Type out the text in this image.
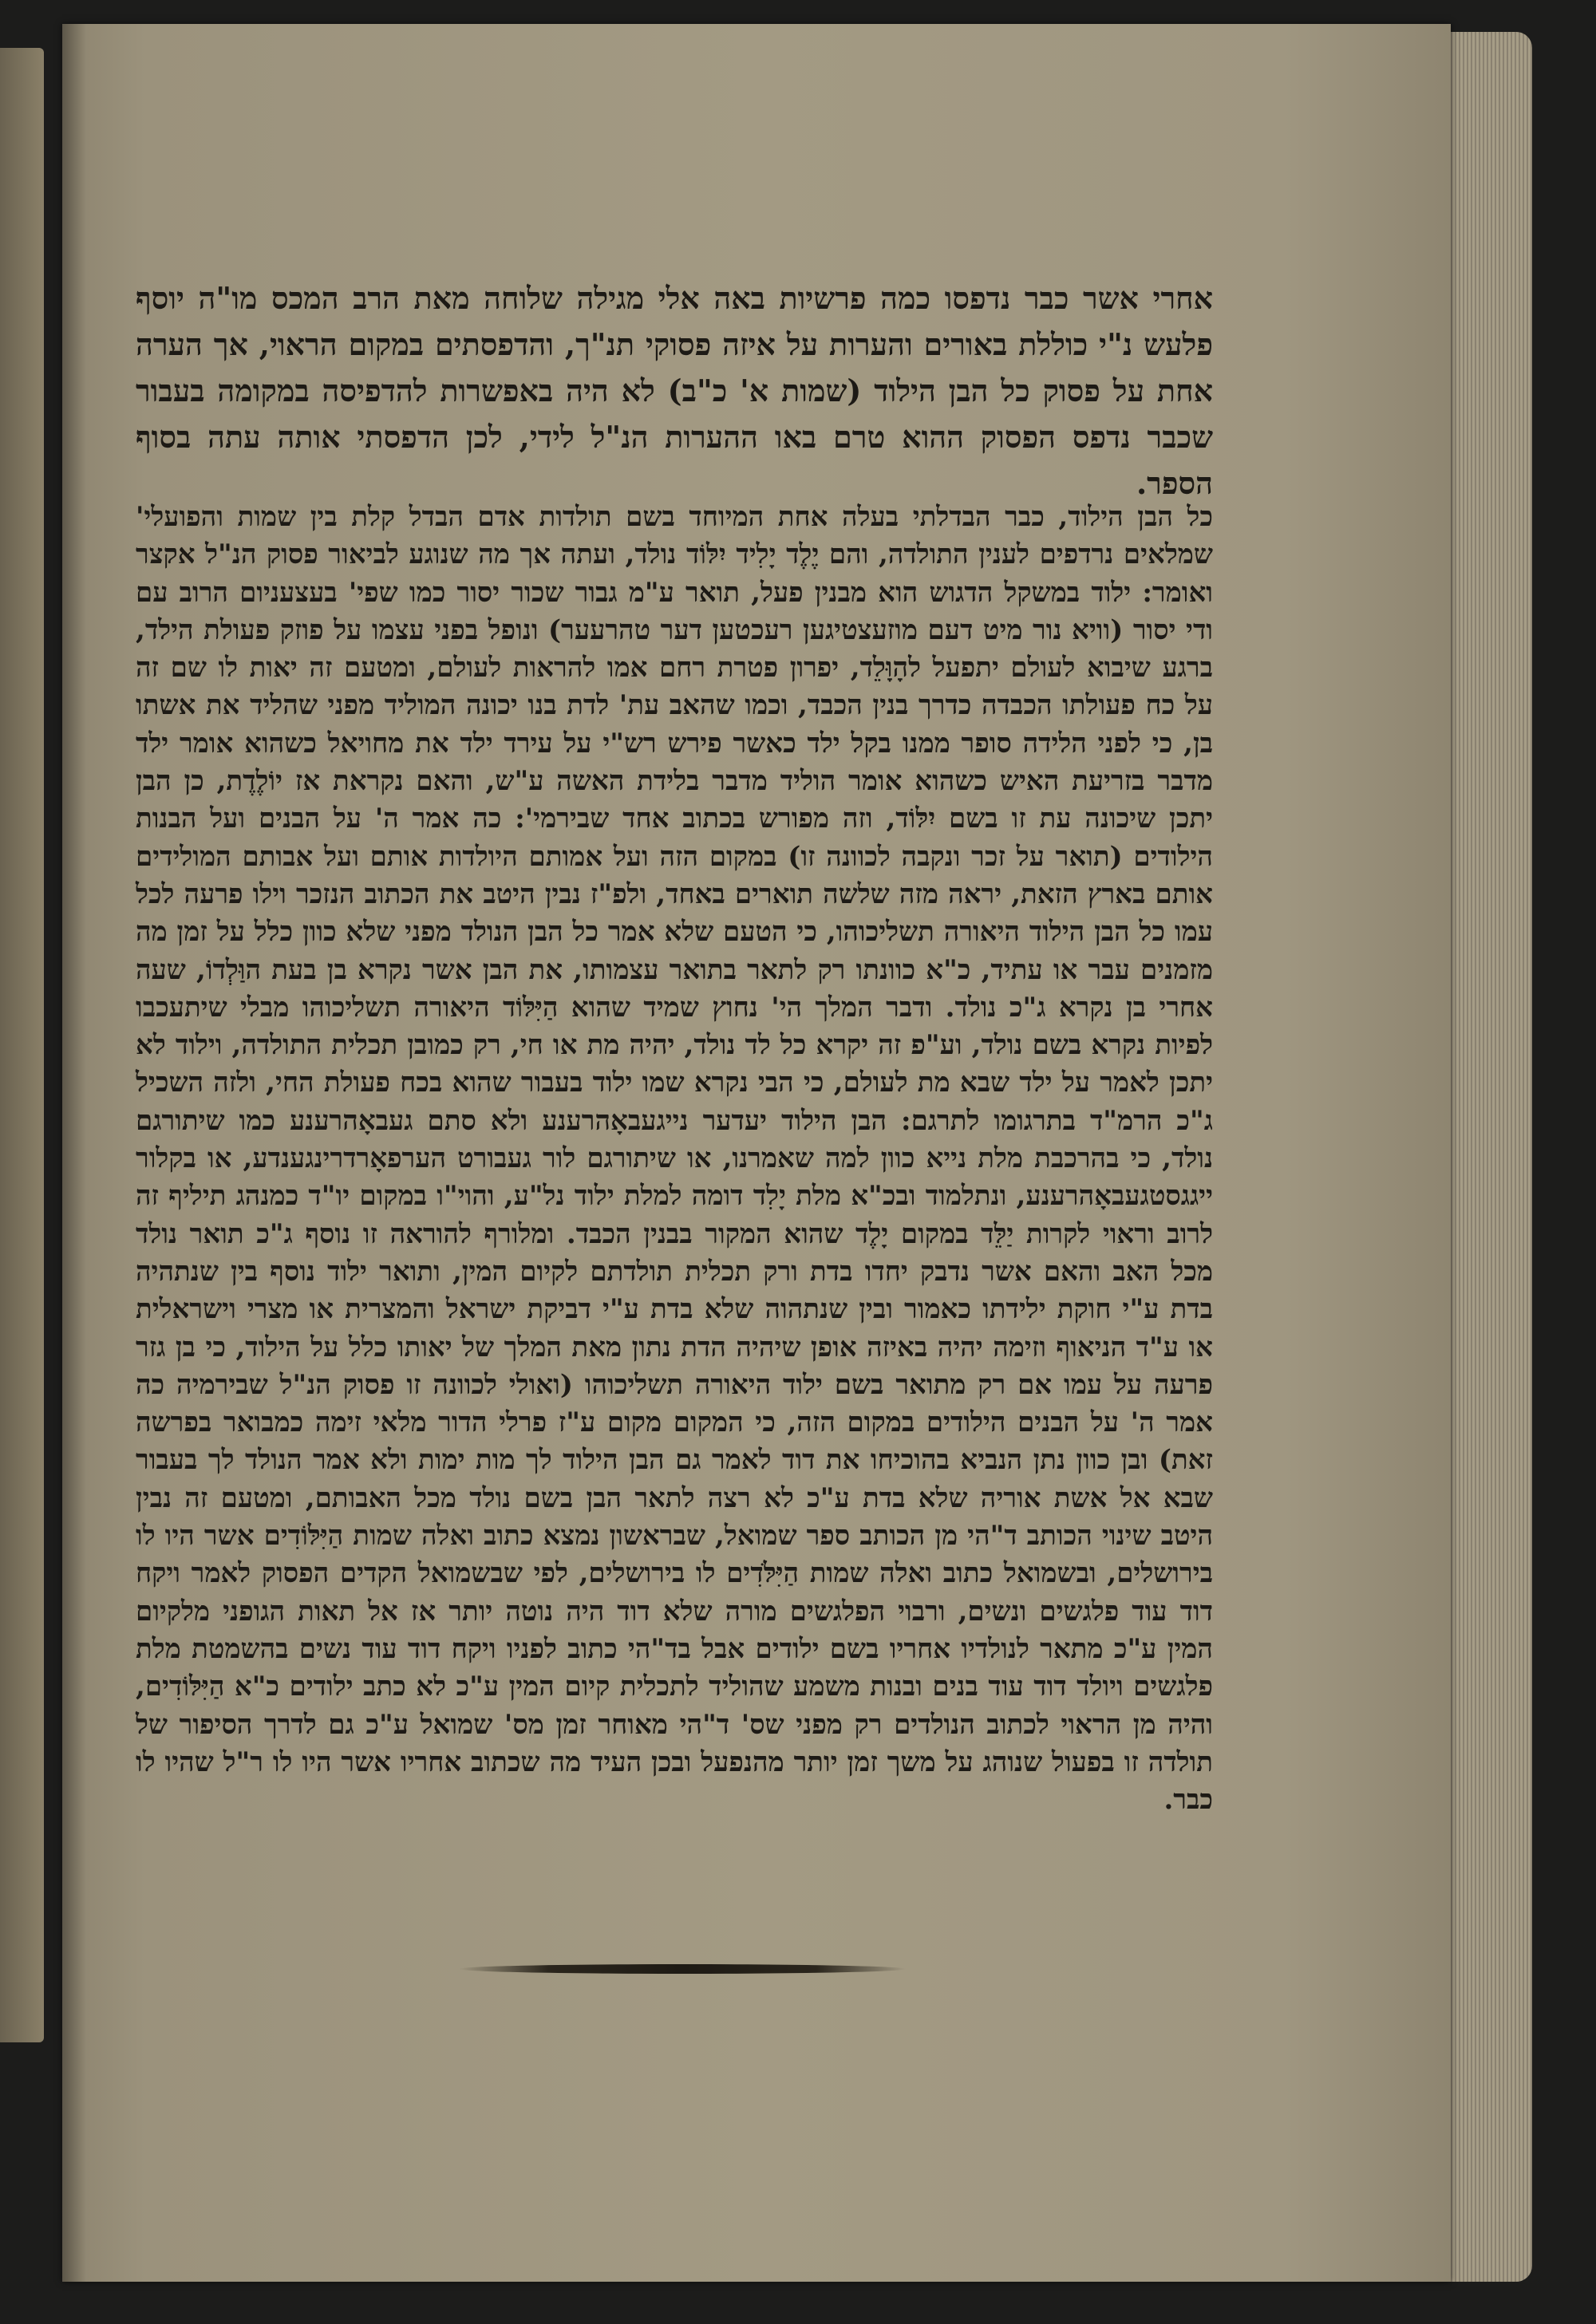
אחרי אשר כבר נדפסו כמה פרשיות באה אלי מגילה שלוחה מאת הרב המכס מו"ה יוסף פלעש נ"י כוללת באורים והערות על איזה פסוקי תנ"ך, והדפסתים במקום הראוי, אך הערה אחת על פסוק כל הבן הילוד (שמות א' כ"ב) לא היה באפשרות להדפיסה במקומה בעבור שכבר נדפס הפסוק ההוא טרם באו ההערות הנ"ל לידי, לכן הדפסתי אותה עתה בסוף הספר.

כל הבן הילוד, כבר הבדלתי בעלה אחת המיוחד בשם תולדות אדם הבדל קלת בין שמות והפועלי' שמלאים נרדפים לענין התולדה, והם יֶלֶד יָלִיד יִלּוֹד נולד, ועתה אך מה שנוגע לביאור פסוק הנ"ל אקצר ואומר: ילוד במשקל הדגוש הוא מבנין פעל, תואר ע"מ גבור שכור יסור כמו שפי' בעצעניום הרוב עם ודי יסור (וויא נור מיט דעם מוזעצטיגען רעכטען דער טהרעער) ונופל בפני עצמו על פוזק פעולת הילד, ברגע שיבוא לעולם יתפעל להָוָּלֵד, יפרון פטרת רחם אמו להראות לעולם, ומטעם זה יאות לו שם זה על כח פעולתו הכבדה כדרך בנין הכבד, וכמו שהאב עת' לדת בנו יכונה המוליד מפני שהליד את אשתו בן, כי לפני הלידה סופר ממנו בקל ילד כאשר פירש רש"י על עירד ילד את מחויאל כשהוא אומר ילד מדבר בזריעת האיש כשהוא אומר הוליד מדבר בלידת האשה ע"ש, והאם נקראת אז יוֹלֶדֶת, כן הבן יתכן שיכונה עת זו בשם יִלּוֹד, וזה מפורש בכתוב אחד שבירמי': כה אמר ה' על הבנים ועל הבנות הילודים (תואר על זכר ונקבה לכוונה זו) במקום הזה ועל אמותם היולדות אותם ועל אבותם המולידים אותם בארץ הזאת, יראה מזה שלשה תוארים באחד, ולפ"ז נבין היטב את הכתוב הנזכר וילו פרעה לכל עמו כל הבן הילוד היאורה תשליכוהו, כי הטעם שלא אמר כל הבן הנולד מפני שלא כוון כלל על זמן מה מזמנים עבר או עתיד, כ"א כוונתו רק לתאר בתואר עצמותו, את הבן אשר נקרא בן בעת הוַּלְדוֹ, שעה אחרי בן נקרא ג"כ נולד. ודבר המלך הי' נחוץ שמיד שהוא הַיִּלּוֹד היאורה תשליכוהו מבלי שיתעכבו לפיות נקרא בשם נולד, וע"פ זה יקרא כל לד נולד, יהיה מת או חי, רק כמובן תכלית התולדה, וילוד לא יתכן לאמר על ילד שבא מת לעולם, כי הבי נקרא שמו ילוד בעבור שהוא בכח פעולת החי, ולזה השכיל ג"כ הרמ"ד בתרגומו לתרגם: הבן הילוד יעדער נייגעבאָהרענע ולא סתם געבאָהרענע כמו שיתורגם נולד, כי בהרכבת מלת נייא כוון למה שאמרנו, או שיתורגם לור געבורט הערפאָרדרינגענדע, או בקלור ייגגסטגעבאָהרענע, ונתלמוד ובכ"א מלת יָלִד דומה למלת ילוד נל"ע, והוי"ו במקום יו"ד כמנהג תיליף זה לרוב וראוי לקרות יַלֵּד במקום יָלֶד שהוא המקור בבנין הכבד. ומלורף להוראה זו נוסף ג"כ תואר נולד מכל האב והאם אשר נדבק יחדו בדת ורק תכלית תולדתם לקיום המין, ותואר ילוד נוסף בין שנתהיה בדת ע"י חוקת ילידתו כאמור ובין שנתהוה שלא בדת ע"י דביקת ישראל והמצרית או מצרי וישראלית או ע"ד הניאוף וזימה יהיה באיזה אופן שיהיה הדת נתון מאת המלך של יאותו כלל על הילוד, כי בן גזר פרעה על עמו אם רק מתואר בשם ילוד היאורה תשליכוהו (ואולי לכוונה זו פסוק הנ"ל שבירמיה כה אמר ה' על הבנים הילודים במקום הזה, כי המקום מקום ע"ז פרלי הדור מלאי זימה כמבואר בפרשה זאת) ובן כוון נתן הנביא בהוכיחו את דוד לאמר גם הבן הילוד לך מות ימות ולא אמר הנולד לך בעבור שבא אל אשת אוריה שלא בדת ע"כ לא רצה לתאר הבן בשם נולד מכל האבותם, ומטעם זה נבין היטב שינוי הכותב ד"הי מן הכותב ספר שמואל, שבראשון נמצא כתוב ואלה שמות הַיִּלּוֹדִים אשר היו לו בירושלים, ובשמואל כתוב ואלה שמות הַיִּלֹּדִים לו בירושלים, לפי שבשמואל הקדים הפסוק לאמר ויקח דוד עוד פלגשים ונשים, ורבוי הפלגשים מורה שלא דוד היה נוטה יותר אז אל תאות הגופני מלקיום המין ע"כ מתאר לנולדיו אחריו בשם ילודים אבל בד"הי כתוב לפניו ויקח דוד עוד נשים בהשמטת מלת פלגשים ויולד דוד עוד בנים ובנות משמע שהוליד לתכלית קיום המין ע"כ לא כתב ילודים כ"א הַיִּלּוֹדִים, והיה מן הראוי לכתוב הנולדים רק מפני שס' ד"הי מאוחר זמן מס' שמואל ע"כ גם לדרך הסיפור של תולדה זו בפעול שנוהג על משך זמן יותר מהנפעל ובכן העיד מה שכתוב אחריו אשר היו לו ר"ל שהיו לו כבר.
